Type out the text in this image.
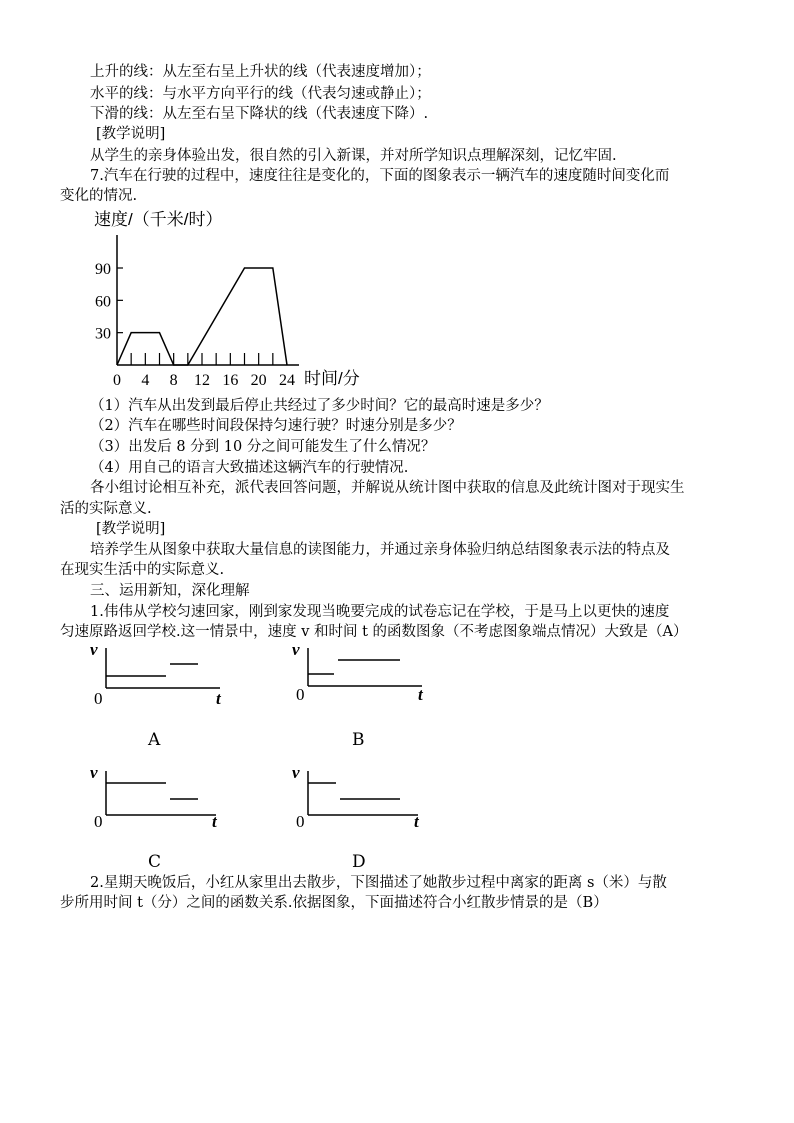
上升的线：从左至右呈上升状的线（代表速度增加）；
水平的线：与水平方向平行的线（代表匀速或静止）；
下滑的线：从左至右呈下降状的线（代表速度下降）.
[教学说明]
从学生的亲身体验出发，很自然的引入新课，并对所学知识点理解深刻，记忆牢固.
7.汽车在行驶的过程中，速度往往是变化的，下面的图象表示一辆汽车的速度随时间变化而
变化的情况.
速度/（千米/时）
0 4 8 12 16 20 24
30
60
90
时间/分
（1）汽车从出发到最后停止共经过了多少时间？它的最高时速是多少？
（2）汽车在哪些时间段保持匀速行驶？时速分别是多少？
（3）出发后 8 分到 10 分之间可能发生了什么情况？
（4）用自己的语言大致描述这辆汽车的行驶情况.
各小组讨论相互补充，派代表回答问题，并解说从统计图中获取的信息及此统计图对于现实生
活的实际意义.
[教学说明]
培养学生从图象中获取大量信息的读图能力，并通过亲身体验归纳总结图象表示法的特点及
在现实生活中的实际意义.
三、运用新知，深化理解
1.伟伟从学校匀速回家，刚到家发现当晚要完成的试卷忘记在学校，于是马上以更快的速度
匀速原路返回学校.这一情景中，速度 v 和时间 t 的函数图象（不考虑图象端点情况）大致是（A）
v
0	t
A
v
0	t
B
v
0	t
C
v
0	t
D
2.星期天晚饭后，小红从家里出去散步，下图描述了她散步过程中离家的距离 s（米）与散
步所用时间 t（分）之间的函数关系.依据图象，下面描述符合小红散步情景的是（B）
